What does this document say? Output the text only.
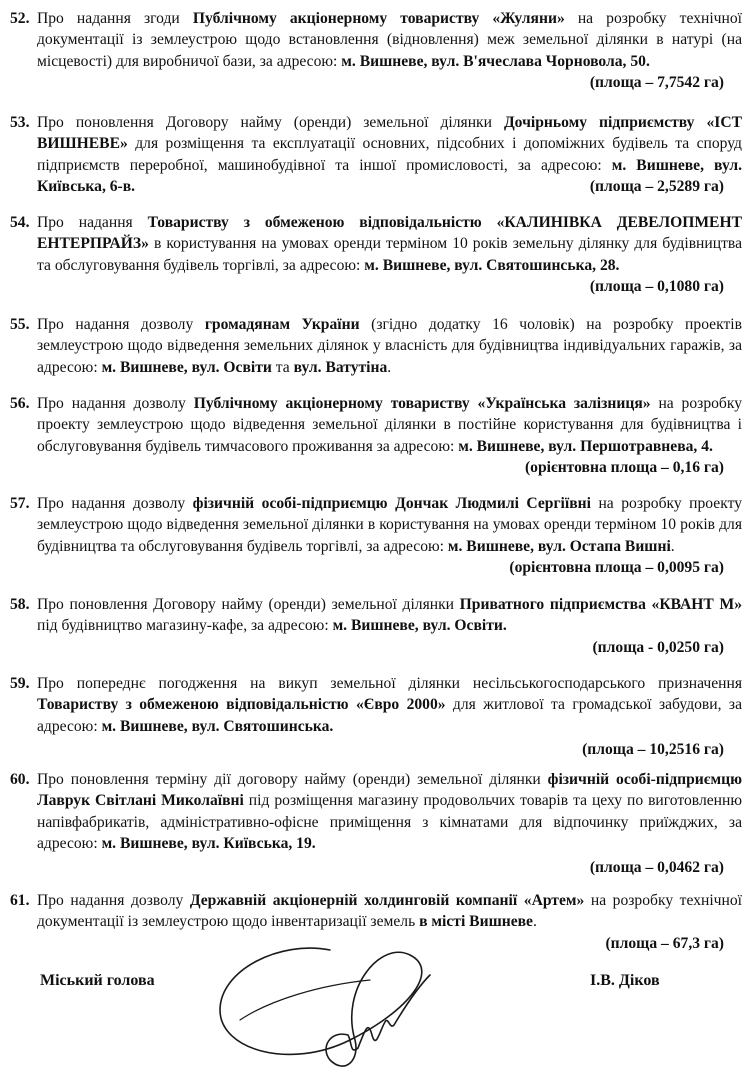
52. Про надання згоди Публічному акціонерному товариству «Жуляни» на розробку технічної документації із землеустрою щодо встановлення (відновлення) меж земельної ділянки в натурі (на місцевості) для виробничої бази, за адресою: м. Вишневе, вул. В'ячеслава Чорновола, 50.
(площа – 7,7542 га)
53. Про поновлення Договору найму (оренди) земельної ділянки Дочірньому підприємству «ІСТ ВИШНЕВЕ» для розміщення та експлуатації основних, підсобних і допоміжних будівель та споруд підприємств переробної, машинобудівної та іншої промисловості, за адресою: м. Вишневе, вул. Київська, 6-в.	(площа – 2,5289 га)
54. Про надання Товариству з обмеженою відповідальністю «КАЛИНІВКА ДЕВЕЛОПМЕНТ ЕНТЕРПРАЙЗ» в користування на умовах оренди терміном 10 років земельну ділянку для будівництва та обслуговування будівель торгівлі, за адресою: м. Вишневе, вул. Святошинська, 28.
(площа – 0,1080 га)
55. Про надання дозволу громадянам України (згідно додатку 16 чоловік) на розробку проектів землеустрою щодо відведення земельних ділянок у власність для будівництва індивідуальних гаражів, за адресою: м. Вишневе, вул. Освіти та вул. Ватутіна.
56. Про надання дозволу Публічному акціонерному товариству «Українська залізниця» на розробку проекту землеустрою щодо відведення земельної ділянки в постійне користування для будівництва і обслуговування будівель тимчасового проживання за адресою: м. Вишневе, вул. Першотравнева, 4.
(орієнтовна площа – 0,16 га)
57. Про надання дозволу фізичній особі-підприємцю Дончак Людмилі Сергіївні на розробку проекту землеустрою щодо відведення земельної ділянки в користування на умовах оренди терміном 10 років для будівництва та обслуговування будівель торгівлі, за адресою: м. Вишневе, вул. Остапа Вишні.
(орієнтовна площа – 0,0095 га)
58. Про поновлення Договору найму (оренди) земельної ділянки Приватного підприємства «КВАНТ М» під будівництво магазину-кафе, за адресою: м. Вишневе, вул. Освіти.
(площа - 0,0250 га)
59. Про попереднє погодження на викуп земельної ділянки несільськогосподарського призначення Товариству з обмеженою відповідальністю «Євро 2000» для житлової та громадської забудови, за адресою: м. Вишневе, вул. Святошинська.
(площа – 10,2516 га)
60. Про поновлення терміну дії договору найму (оренди) земельної ділянки фізичній особі-підприємцю Лаврук Світлані Миколаївні під розміщення магазину продовольчих товарів та цеху по виготовленню напівфабрикатів, адміністративно-офісне приміщення з кімнатами для відпочинку приїжджих, за адресою: м. Вишневе, вул. Київська, 19.
(площа – 0,0462 га)
61. Про надання дозволу Державній акціонерній холдинговій компанії «Артем» на розробку технічної документації із землеустрою щодо інвентаризації земель в місті Вишневе.
(площа – 67,3 га)
Міський голова	І.В. Діков
